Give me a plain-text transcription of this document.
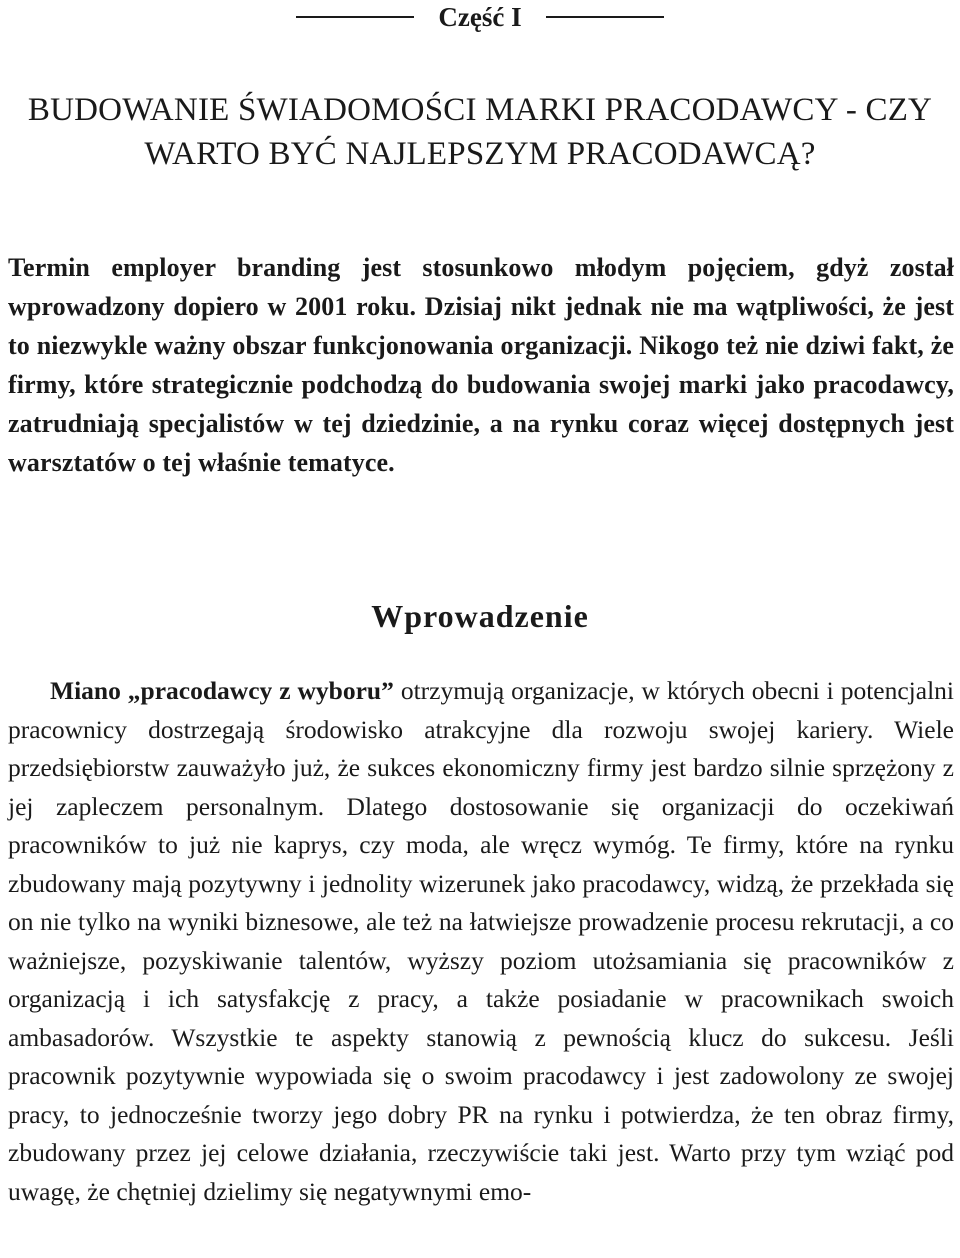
Część I
BUDOWANIE ŚWIADOMOŚCI MARKI PRACODAWCY - CZY
WARTO BYĆ NAJLEPSZYM PRACODAWCĄ?

Termin employer branding jest stosunkowo młodym pojęciem, gdyż został wprowadzony dopiero w 2001 roku. Dzisiaj nikt jednak nie ma wątpliwości, że jest to niezwykle ważny obszar funkcjonowania organizacji. Nikogo też nie dziwi fakt, że firmy, które strategicznie podchodzą do budowania swojej marki jako pracodawcy, zatrudniają specjalistów w tej dziedzinie, a na rynku coraz więcej dostępnych jest warsztatów o tej właśnie tematyce.

Wprowadzenie

Miano „pracodawcy z wyboru” otrzymują organizacje, w których obecni i potencjalni pracownicy dostrzegają środowisko atrakcyjne dla rozwoju swojej kariery. Wiele przedsiębiorstw zauważyło już, że sukces ekonomiczny firmy jest bardzo silnie sprzężony z jej zapleczem personalnym. Dlatego dostosowanie się organizacji do oczekiwań pracowników to już nie kaprys, czy moda, ale wręcz wymóg. Te firmy, które na rynku zbudowany mają pozytywny i jednolity wizerunek jako pracodawcy, widzą, że przekłada się on nie tylko na wyniki biznesowe, ale też na łatwiejsze prowadzenie procesu rekrutacji, a co ważniejsze, pozyskiwanie talentów, wyższy poziom utożsamiania się pracowników z organizacją i ich satysfakcję z pracy, a także posiadanie w pracownikach swoich ambasadorów. Wszystkie te aspekty stanowią z pewnością klucz do sukcesu. Jeśli pracownik pozytywnie wypowiada się o swoim pracodawcy i jest zadowolony ze swojej pracy, to jednocześnie tworzy jego dobry PR na rynku i potwierdza, że ten obraz firmy, zbudowany przez jej celowe działania, rzeczywiście taki jest. Warto przy tym wziąć pod uwagę, że chętniej dzielimy się negatywnymi emo-
